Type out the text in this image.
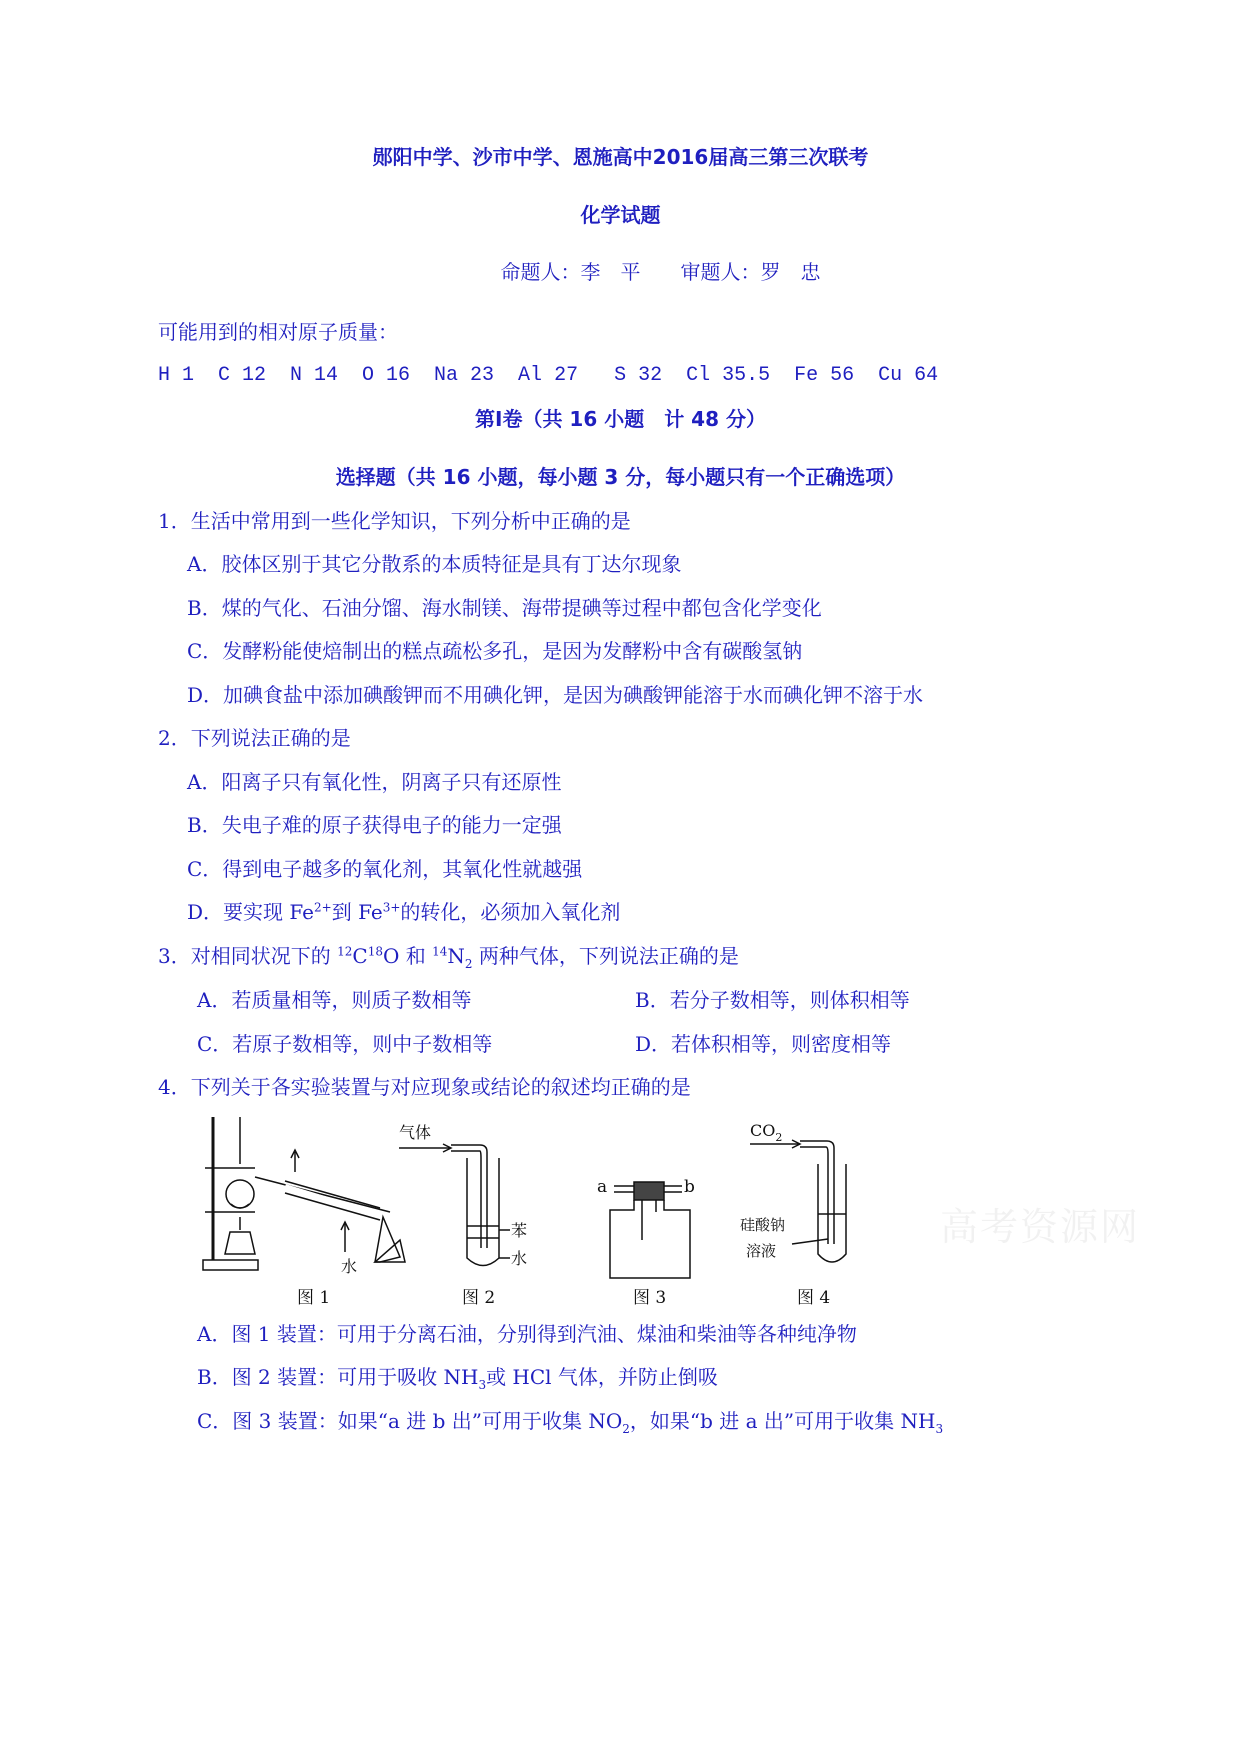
郧阳中学、沙市中学、恩施高中2016届高三第三次联考
化学试题
命题人：李　平　　审题人：罗　忠
可能用到的相对原子质量：
H 1  C 12  N 14  O 16  Na 23  Al 27   S 32  Cl 35.5  Fe 56  Cu 64
第Ⅰ卷（共 16 小题　计 48 分）
选择题（共 16 小题，每小题 3 分，每小题只有一个正确选项）
1．生活中常用到一些化学知识，下列分析中正确的是
A．胶体区别于其它分散系的本质特征是具有丁达尔现象
B．煤的气化、石油分馏、海水制镁、海带提碘等过程中都包含化学变化
C．发酵粉能使焙制出的糕点疏松多孔，是因为发酵粉中含有碳酸氢钠
D．加碘食盐中添加碘酸钾而不用碘化钾，是因为碘酸钾能溶于水而碘化钾不溶于水
2．下列说法正确的是
A．阳离子只有氧化性，阴离子只有还原性
B．失电子难的原子获得电子的能力一定强
C．得到电子越多的氧化剂，其氧化性就越强
D．要实现 $Fe^{2+}$到 $Fe^{3+}$的转化，必须加入氧化剂
3．对相同状况下的 $^{12}C^{18}O$ 和 $^{14}N_2$ 两种气体，下列说法正确的是
A．若质量相等，则质子数相等	B．若分子数相等，则体积相等
C．若原子数相等，则中子数相等	D．若体积相等，则密度相等
4．下列关于各实验装置与对应现象或结论的叙述均正确的是
水
气体
苯
水
a	b
$CO_2$
硅酸钠
溶液
图 1	图 2	图 3	图 4
高考资源网
A．图 1 装置：可用于分离石油，分别得到汽油、煤油和柴油等各种纯净物
B．图 2 装置：可用于吸收 $NH_3$或 HCl 气体，并防止倒吸
C．图 3 装置：如果“a 进 b 出”可用于收集 $NO_2$，如果“b 进 a 出”可用于收集 $NH_3$
